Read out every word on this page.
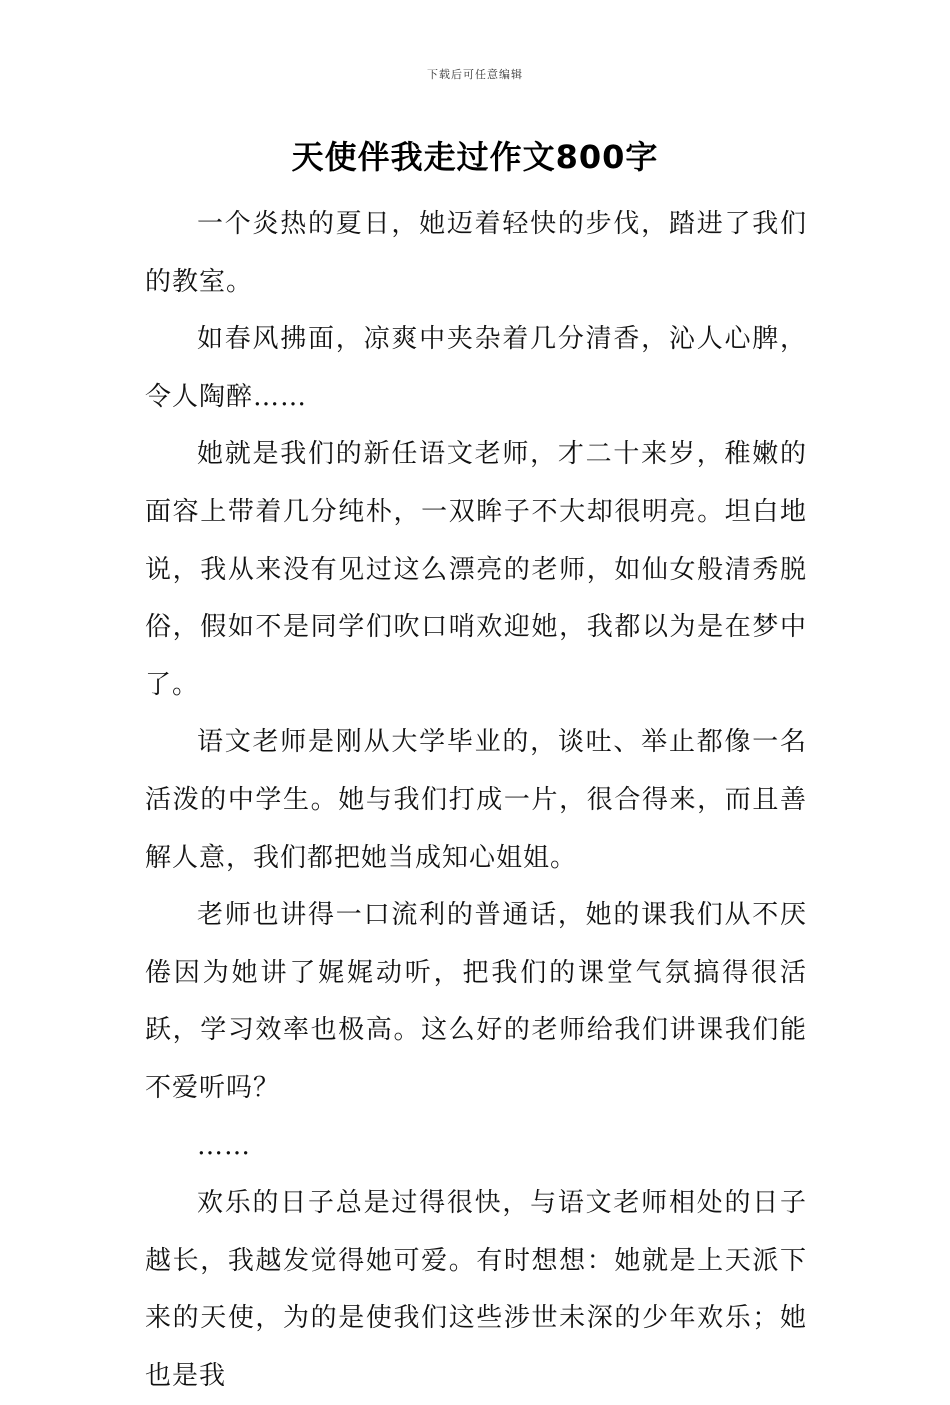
下载后可任意编辑
天使伴我走过作文800字

一个炎热的夏日，她迈着轻快的步伐，踏进了我们的教室。

如春风拂面，凉爽中夹杂着几分清香，沁人心脾，令人陶醉……

她就是我们的新任语文老师，才二十来岁，稚嫩的面容上带着几分纯朴，一双眸子不大却很明亮。坦白地说，我从来没有见过这么漂亮的老师，如仙女般清秀脱俗，假如不是同学们吹口哨欢迎她，我都以为是在梦中了。

语文老师是刚从大学毕业的，谈吐、举止都像一名活泼的中学生。她与我们打成一片，很合得来，而且善解人意，我们都把她当成知心姐姐。

老师也讲得一口流利的普通话，她的课我们从不厌倦因为她讲了娓娓动听，把我们的课堂气氛搞得很活跃，学习效率也极高。这么好的老师给我们讲课我们能不爱听吗？

……

欢乐的日子总是过得很快，与语文老师相处的日子越长，我越发觉得她可爱。有时想想：她就是上天派下来的天使，为的是使我们这些涉世未深的少年欢乐；她也是我
